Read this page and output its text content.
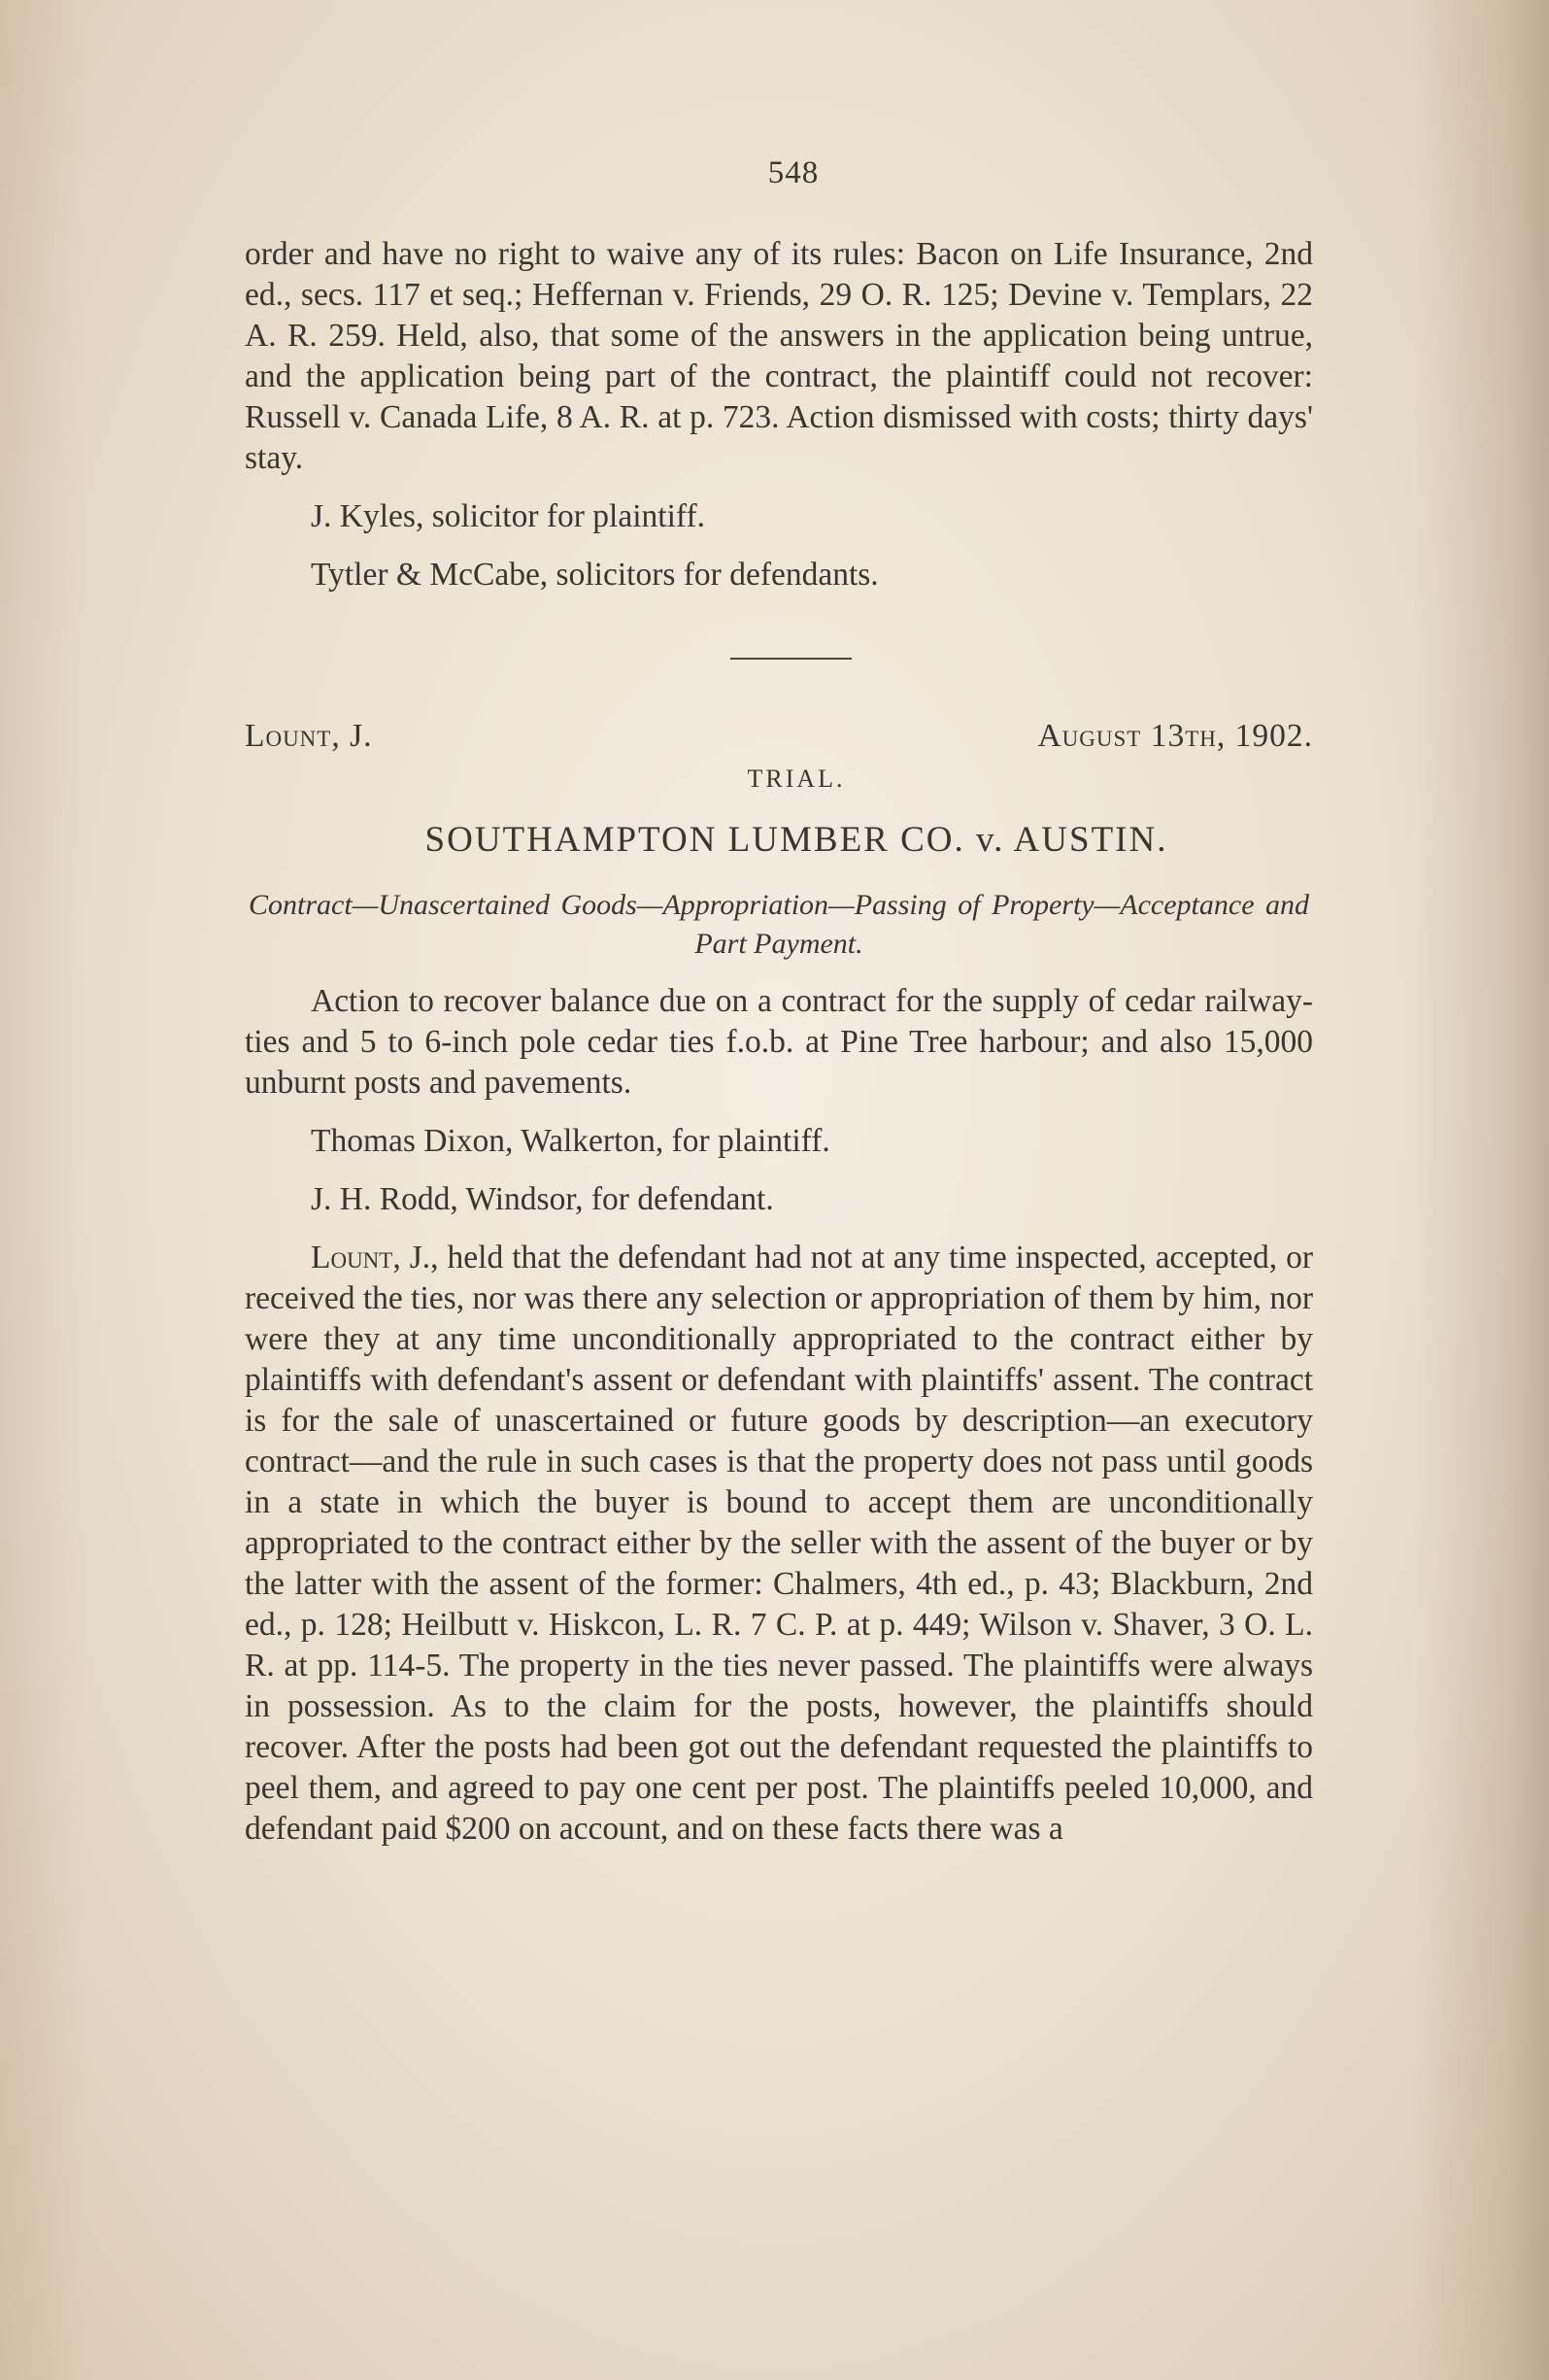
548

order and have no right to waive any of its rules: Bacon on Life Insurance, 2nd ed., secs. 117 et seq.; Heffernan v. Friends, 29 O. R. 125; Devine v. Templars, 22 A. R. 259. Held, also, that some of the answers in the application being untrue, and the application being part of the contract, the plaintiff could not recover: Russell v. Canada Life, 8 A. R. at p. 723. Action dismissed with costs; thirty days' stay.

J. Kyles, solicitor for plaintiff.

Tytler & McCabe, solicitors for defendants.

Lount, J.	August 13th, 1902.
TRIAL.
SOUTHAMPTON LUMBER CO. v. AUSTIN.
Contract—Unascertained Goods—Appropriation—Passing of Property—Acceptance and Part Payment.

Action to recover balance due on a contract for the supply of cedar railway-ties and 5 to 6-inch pole cedar ties f.o.b. at Pine Tree harbour; and also 15,000 unburnt posts and pavements.

Thomas Dixon, Walkerton, for plaintiff.

J. H. Rodd, Windsor, for defendant.

Lount, J., held that the defendant had not at any time inspected, accepted, or received the ties, nor was there any selection or appropriation of them by him, nor were they at any time unconditionally appropriated to the contract either by plaintiffs with defendant's assent or defendant with plaintiffs' assent. The contract is for the sale of unascertained or future goods by description—an executory contract—and the rule in such cases is that the property does not pass until goods in a state in which the buyer is bound to accept them are unconditionally appropriated to the contract either by the seller with the assent of the buyer or by the latter with the assent of the former: Chalmers, 4th ed., p. 43; Blackburn, 2nd ed., p. 128; Heilbutt v. Hiskcon, L. R. 7 C. P. at p. 449; Wilson v. Shaver, 3 O. L. R. at pp. 114-5. The property in the ties never passed. The plaintiffs were always in possession. As to the claim for the posts, however, the plaintiffs should recover. After the posts had been got out the defendant requested the plaintiffs to peel them, and agreed to pay one cent per post. The plaintiffs peeled 10,000, and defendant paid $200 on account, and on these facts there was a
